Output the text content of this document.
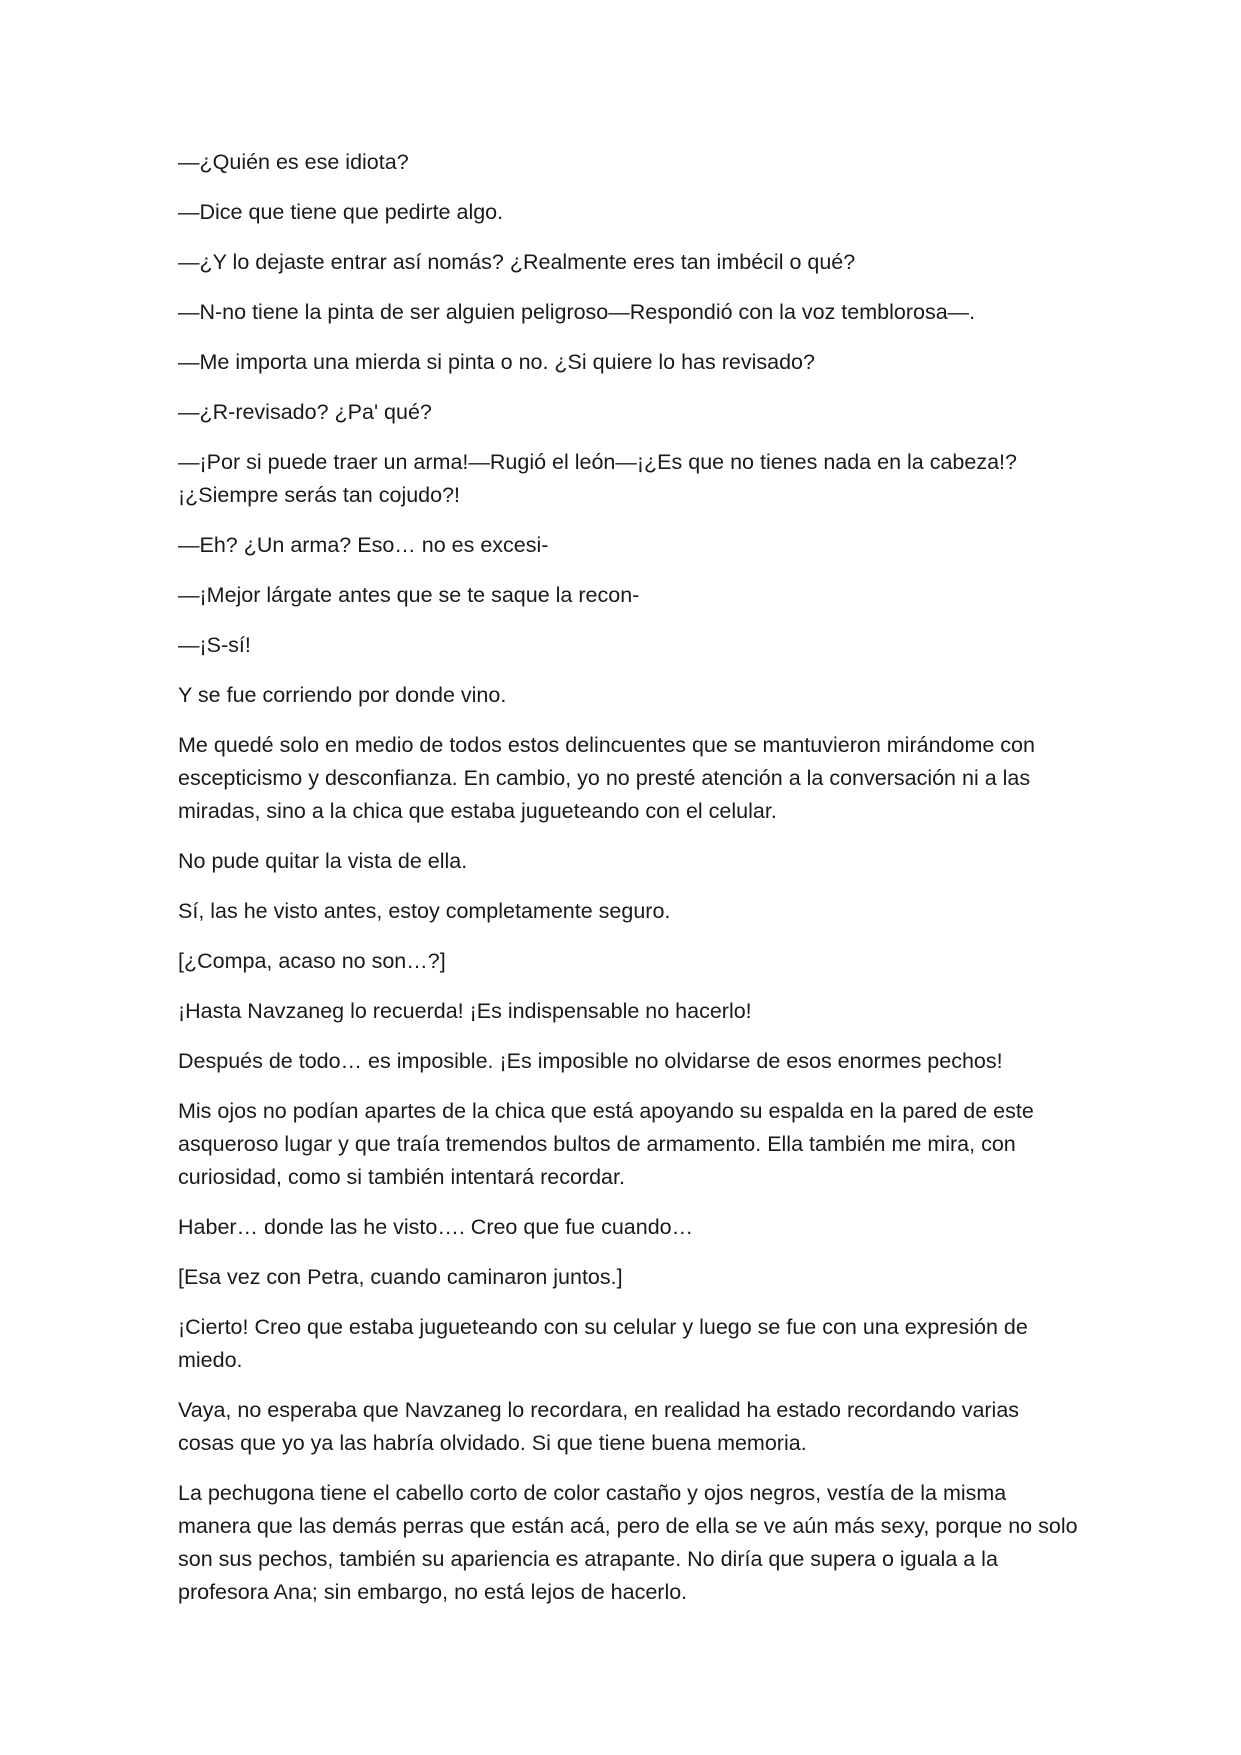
—¿Quién es ese idiota?

—Dice que tiene que pedirte algo.

—¿Y lo dejaste entrar así nomás? ¿Realmente eres tan imbécil o qué?

—N-no tiene la pinta de ser alguien peligroso—Respondió con la voz temblorosa—.

—Me importa una mierda si pinta o no. ¿Si quiere lo has revisado?

—¿R-revisado? ¿Pa' qué?

—¡Por si puede traer un arma!—Rugió el león—¡¿Es que no tienes nada en la cabeza!? ¡¿Siempre serás tan cojudo?!

—Eh? ¿Un arma? Eso… no es excesi-

—¡Mejor lárgate antes que se te saque la recon-

—¡S-sí!

Y se fue corriendo por donde vino.

Me quedé solo en medio de todos estos delincuentes que se mantuvieron mirándome con escepticismo y desconfianza. En cambio, yo no presté atención a la conversación ni a las miradas, sino a la chica que estaba jugueteando con el celular.

No pude quitar la vista de ella.

Sí, las he visto antes, estoy completamente seguro.

[¿Compa, acaso no son…?]

¡Hasta Navzaneg lo recuerda! ¡Es indispensable no hacerlo!

Después de todo… es imposible. ¡Es imposible no olvidarse de esos enormes pechos!

Mis ojos no podían apartes de la chica que está apoyando su espalda en la pared de este asqueroso lugar y que traía tremendos bultos de armamento. Ella también me mira, con curiosidad, como si también intentará recordar.

Haber… donde las he visto…. Creo que fue cuando…

[Esa vez con Petra, cuando caminaron juntos.]

¡Cierto! Creo que estaba jugueteando con su celular y luego se fue con una expresión de miedo.

Vaya, no esperaba que Navzaneg lo recordara, en realidad ha estado recordando varias cosas que yo ya las habría olvidado. Si que tiene buena memoria.

La pechugona tiene el cabello corto de color castaño y ojos negros, vestía de la misma manera que las demás perras que están acá, pero de ella se ve aún más sexy, porque no solo son sus pechos, también su apariencia es atrapante. No diría que supera o iguala a la profesora Ana; sin embargo, no está lejos de hacerlo.
